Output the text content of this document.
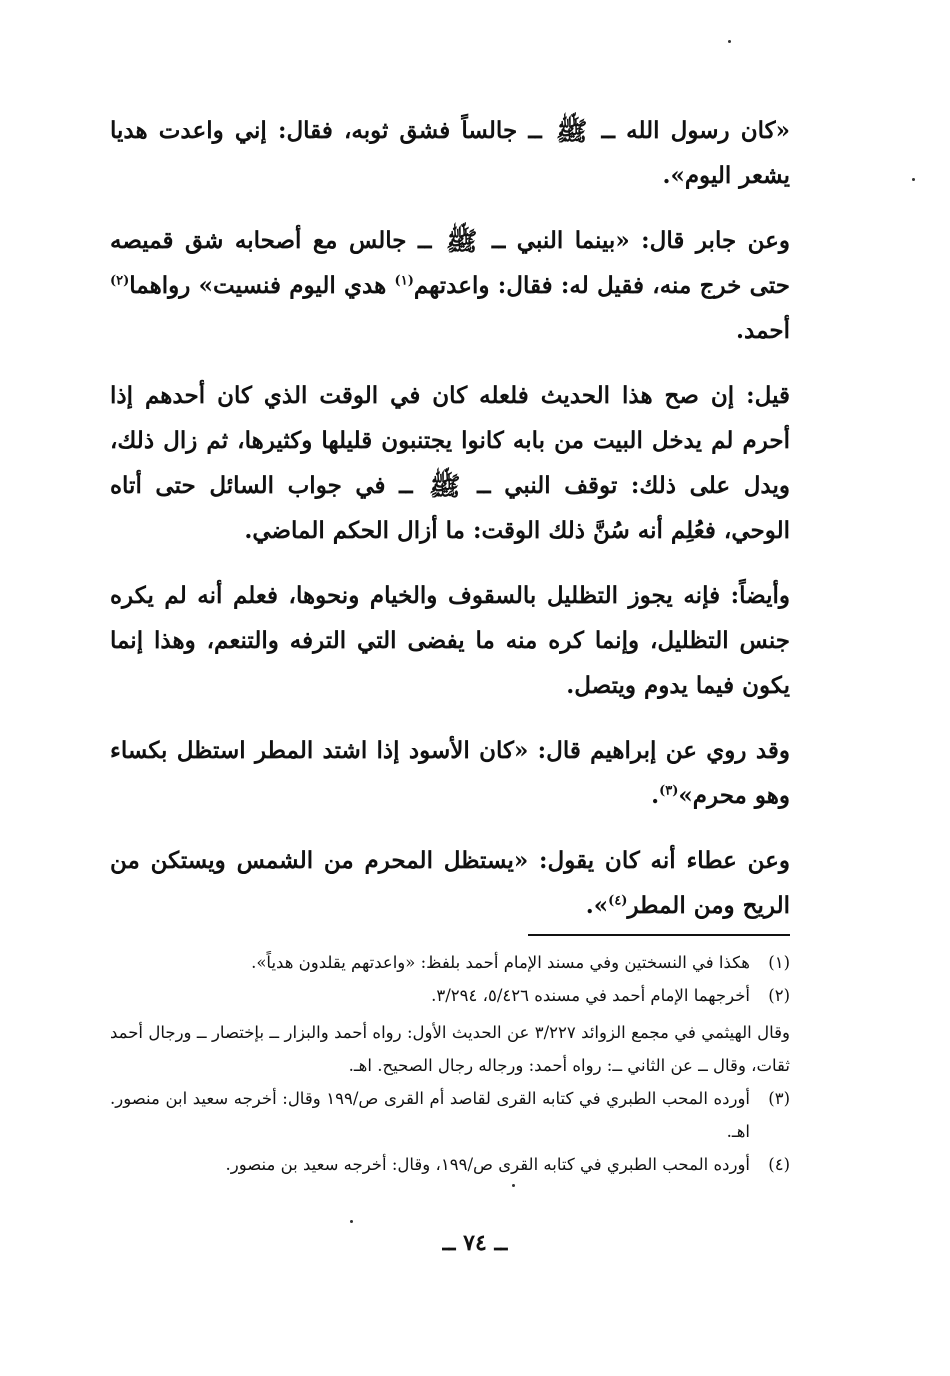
«كان رسول الله ــ ﷺ ــ جالساً فشق ثوبه، فقال: إني واعدت هديا يشعر اليوم».

وعن جابر قال: «بينما النبي ــ ﷺ ــ جالس مع أصحابه شق قميصه حتى خرج منه، فقيل له: فقال: واعدتهم$^{(١)}$ هدي اليوم فنسيت» رواهما$^{(٢)}$ أحمد.

قيل: إن صح هذا الحديث فلعله كان في الوقت الذي كان أحدهم إذا أحرم لم يدخل البيت من بابه كانوا يجتنبون قليلها وكثيرها، ثم زال ذلك، ويدل على ذلك: توقف النبي ــ ﷺ ــ في جواب السائل حتى أتاه الوحي، فعُلِم أنه سُنَّ ذلك الوقت: ما أزال الحكم الماضي.

وأيضاً: فإنه يجوز التظليل بالسقوف والخيام ونحوها، فعلم أنه لم يكره جنس التظليل، وإنما كره منه ما يفضى التي الترفه والتنعم، وهذا إنما يكون فيما يدوم ويتصل.

وقد روي عن إبراهيم قال: «كان الأسود إذا اشتد المطر استظل بكساء وهو محرم»$^{(٣)}$.

وعن عطاء أنه كان يقول: «يستظل المحرم من الشمس ويستكن من الريح ومن المطر$^{(٤)}$».

(١)
هكذا في النسختين وفي مسند الإمام أحمد بلفظ: «واعدتهم يقلدون هدياً».
(٢)
أخرجهما الإمام أحمد في مسنده ٥/٤٢٦، ٣/٢٩٤.
وقال الهيثمي في مجمع الزوائد ٣/٢٢٧ عن الحديث الأول: رواه أحمد والبزار ــ بإختصار ــ ورجال أحمد ثقات، وقال ــ عن الثاني ــ: رواه أحمد: ورجاله رجال الصحيح. اهـ.
(٣)
أورده المحب الطبري في كتابه القرى لقاصد أم القرى ص/١٩٩ وقال: أخرجه سعيد ابن منصور. اهـ.
(٤)
أورده المحب الطبري في كتابه القرى ص/١٩٩، وقال: أخرجه سعيد بن منصور.
ــ ٧٤ ــ
